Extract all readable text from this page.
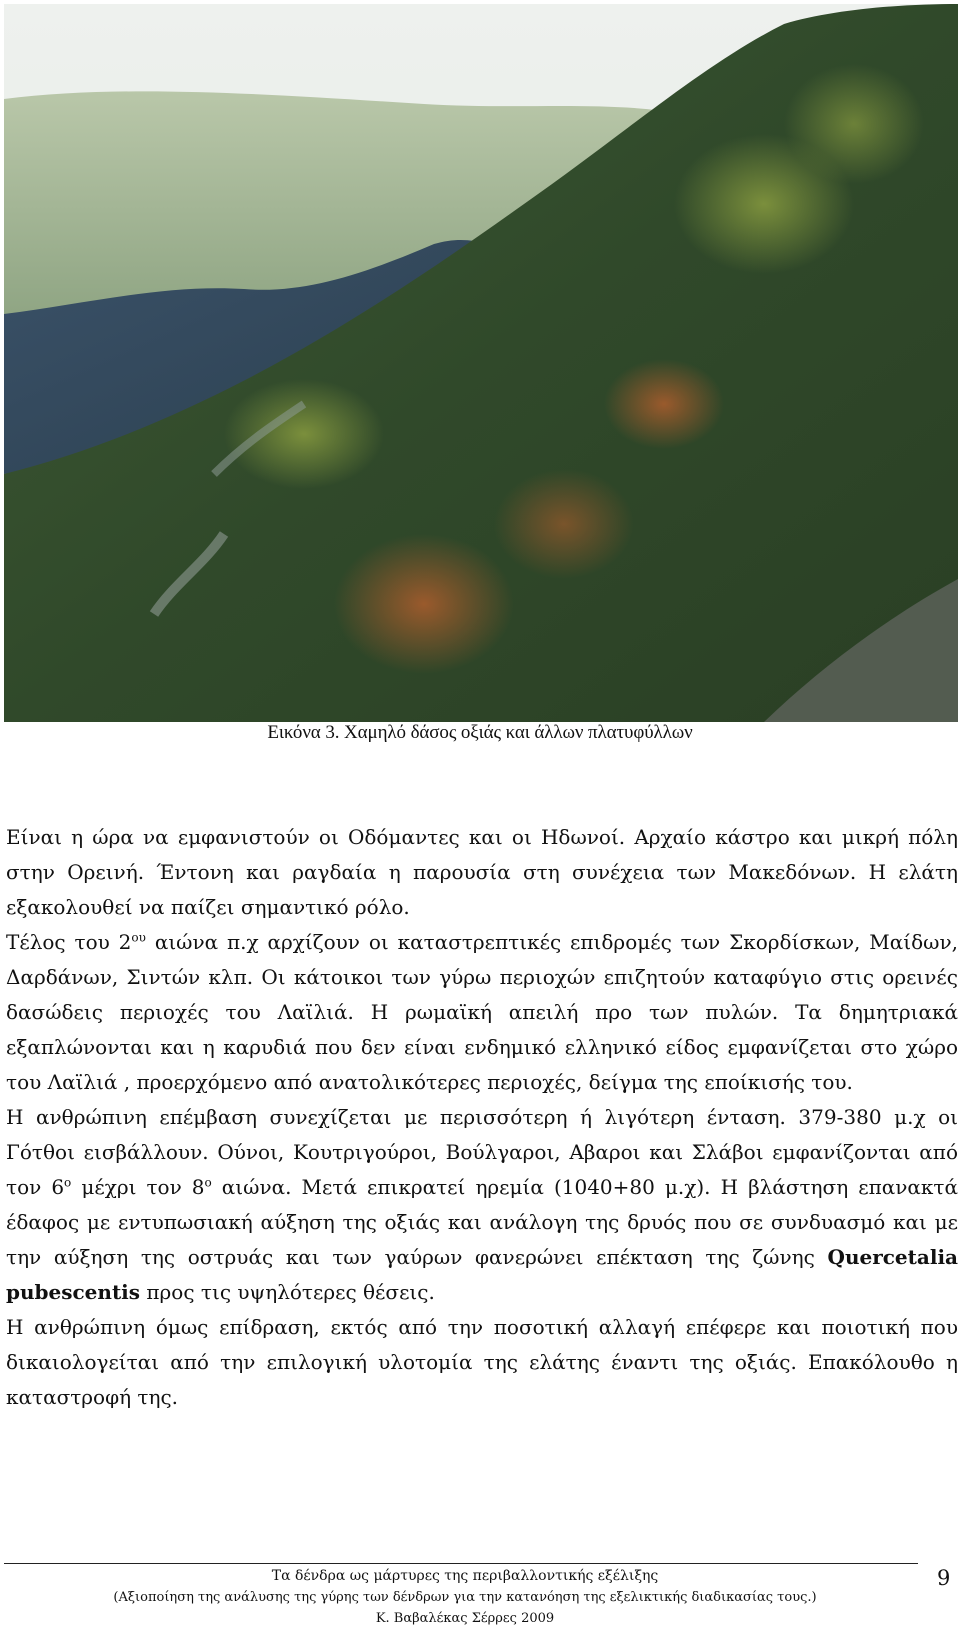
Εικόνα 3. Χαμηλό δάσος οξιάς και άλλων πλατυφύλλων

Είναι η ώρα να εμφανιστούν οι Οδόμαντες και οι Ηδωνοί. Αρχαίο κάστρο και μικρή πόλη στην Ορεινή. Έντονη και ραγδαία η παρουσία στη συνέχεια των Μακεδόνων. Η ελάτη εξακολουθεί να παίζει σημαντικό ρόλο.

Τέλος του $2^{o\upsilon}$ αιώνα π.χ αρχίζουν οι καταστρεπτικές επιδρομές των Σκορδίσκων, Μαίδων, Δαρδάνων, Σιντών κλπ. Οι κάτοικοι των γύρω περιοχών επιζητούν καταφύγιο στις ορεινές δασώδεις περιοχές του Λαϊλιά. Η ρωμαϊκή απειλή προ των πυλών. Τα δημητριακά εξαπλώνονται και η καρυδιά που δεν είναι ενδημικό ελληνικό είδος εμφανίζεται στο χώρο του Λαϊλιά , προερχόμενο από ανατολικότερες περιοχές, δείγμα της εποίκισής του.

Η ανθρώπινη επέμβαση συνεχίζεται με περισσότερη ή λιγότερη ένταση. 379-380 μ.χ οι Γότθοι εισβάλλουν. Ούνοι, Κουτριγούροι, Βούλγαροι, Αβαροι και Σλάβοι εμφανίζονται από τον $6^o$ μέχρι τον $8^o$ αιώνα. Μετά επικρατεί ηρεμία (1040+80 μ.χ). Η βλάστηση επανακτά έδαφος με εντυπωσιακή αύξηση της οξιάς και ανάλογη της δρυός που σε συνδυασμό και με την αύξηση της οστρυάς και των γαύρων φανερώνει επέκταση της ζώνης Quercetalia pubescentis προς τις υψηλότερες θέσεις.

Η ανθρώπινη όμως επίδραση, εκτός από την ποσοτική αλλαγή επέφερε και ποιοτική που δικαιολογείται από την επιλογική υλοτομία της ελάτης έναντι της οξιάς. Επακόλουθο η καταστροφή της.

Τα δένδρα ως μάρτυρες της περιβαλλοντικής εξέλιξης
(Αξιοποίηση της ανάλυσης της γύρης των δένδρων για την κατανόηση της εξελικτικής διαδικασίας τους.)
Κ. Βαβαλέκας Σέρρες 2009
9
